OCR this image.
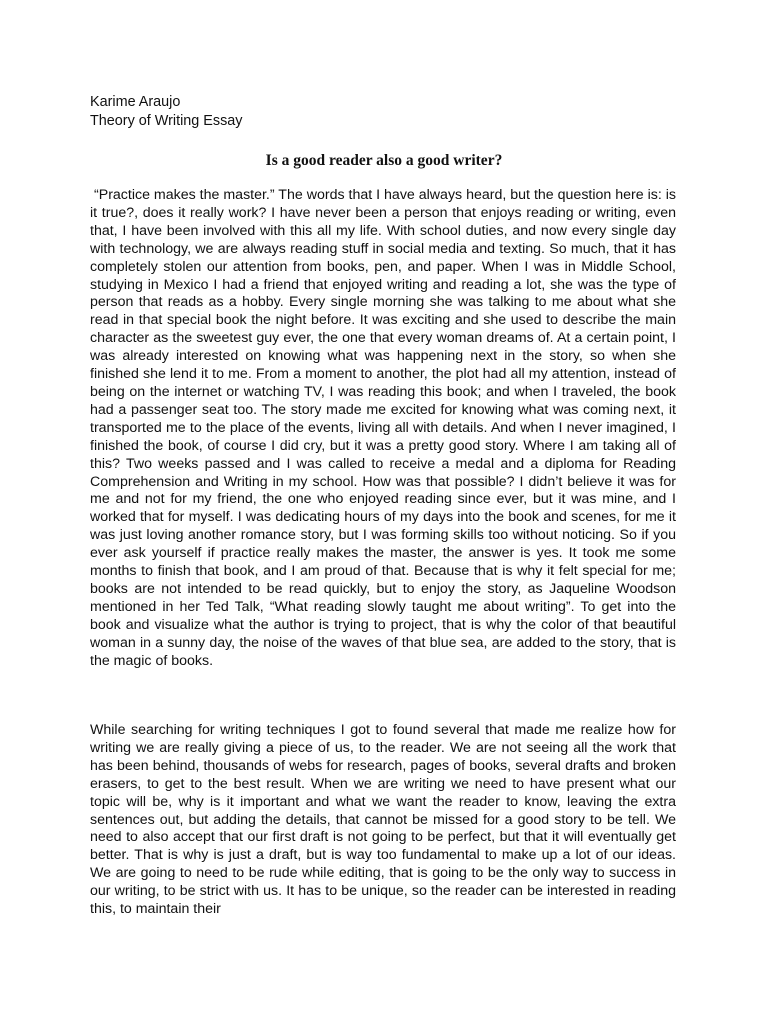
Karime Araujo
Theory of Writing Essay
Is a good reader also a good writer?

“Practice makes the master.” The words that I have always heard, but the question here is: is it true?, does it really work? I have never been a person that enjoys reading or writing, even that, I have been involved with this all my life. With school duties, and now every single day with technology, we are always reading stuff in social media and texting. So much, that it has completely stolen our attention from books, pen, and paper. When I was in Middle School, studying in Mexico I had a friend that enjoyed writing and reading a lot, she was the type of person that reads as a hobby. Every single morning she was talking to me about what she read in that special book the night before. It was exciting and she used to describe the main character as the sweetest guy ever, the one that every woman dreams of. At a certain point, I was already interested on knowing what was happening next in the story, so when she finished she lend it to me. From a moment to another, the plot had all my attention, instead of being on the internet or watching TV, I was reading this book; and when I traveled, the book had a passenger seat too. The story made me excited for knowing what was coming next, it transported me to the place of the events, living all with details. And when I never imagined, I finished the book, of course I did cry, but it was a pretty good story. Where I am taking all of this? Two weeks passed and I was called to receive a medal and a diploma for Reading Comprehension and Writing in my school. How was that possible? I didn’t believe it was for me and not for my friend, the one who enjoyed reading since ever, but it was mine, and I worked that for myself. I was dedicating hours of my days into the book and scenes, for me it was just loving another romance story, but I was forming skills too without noticing. So if you ever ask yourself if practice really makes the master, the answer is yes. It took me some months to finish that book, and I am proud of that. Because that is why it felt special for me; books are not intended to be read quickly, but to enjoy the story, as Jaqueline Woodson mentioned in her Ted Talk, “What reading slowly taught me about writing”. To get into the book and visualize what the author is trying to project, that is why the color of that beautiful woman in a sunny day, the noise of the waves of that blue sea, are added to the story, that is the magic of books.

While searching for writing techniques I got to found several that made me realize how for writing we are really giving a piece of us, to the reader. We are not seeing all the work that has been behind, thousands of webs for research, pages of books, several drafts and broken erasers, to get to the best result. When we are writing we need to have present what our topic will be, why is it important and what we want the reader to know, leaving the extra sentences out, but adding the details, that cannot be missed for a good story to be tell. We need to also accept that our first draft is not going to be perfect, but that it will eventually get better. That is why is just a draft, but is way too fundamental to make up a lot of our ideas. We are going to need to be rude while editing, that is going to be the only way to success in our writing, to be strict with us. It has to be unique, so the reader can be interested in reading this, to maintain their
